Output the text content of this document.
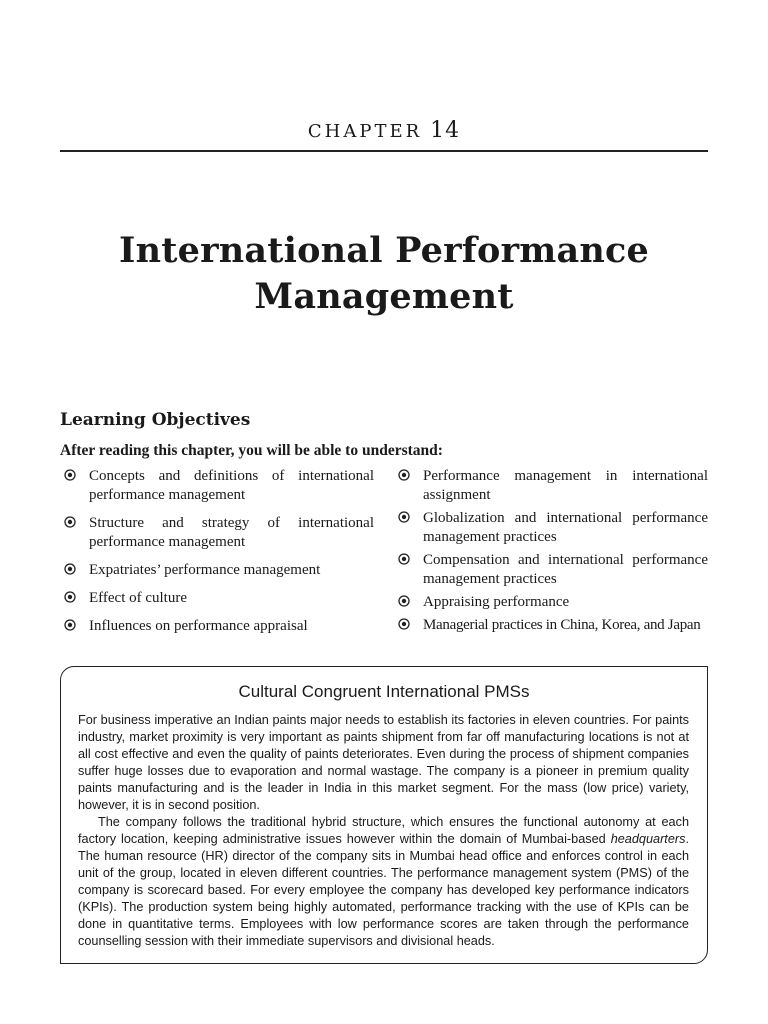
CHAPTER 14
International Performance
Management
Learning Objectives
After reading this chapter, you will be able to understand:
Concepts and definitions of international performance management
Structure and strategy of international performance management
Expatriates’ performance management
Effect of culture
Influences on performance appraisal
Performance management in international assignment
Globalization and international performance management practices
Compensation and international performance management practices
Appraising performance
Managerial practices in China, Korea, and Japan
Cultural Congruent International PMSs

For business imperative an Indian paints major needs to establish its factories in eleven countries. For paints industry, market proximity is very important as paints shipment from far off manufacturing locations is not at all cost effective and even the quality of paints deteriorates. Even during the process of shipment companies suffer huge losses due to evaporation and normal wastage. The company is a pioneer in premium quality paints manufacturing and is the leader in India in this market segment. For the mass (low price) variety, however, it is in second position.

The company follows the traditional hybrid structure, which ensures the functional autonomy at each factory location, keeping administrative issues however within the domain of Mumbai-based headquarters. The human resource (HR) director of the company sits in Mumbai head office and enforces control in each unit of the group, located in eleven different countries. The performance management system (PMS) of the company is scorecard based. For every employee the company has developed key performance indicators (KPIs). The production system being highly automated, performance tracking with the use of KPIs can be done in quantitative terms. Employees with low performance scores are taken through the performance counselling session with their immediate supervisors and divisional heads.
